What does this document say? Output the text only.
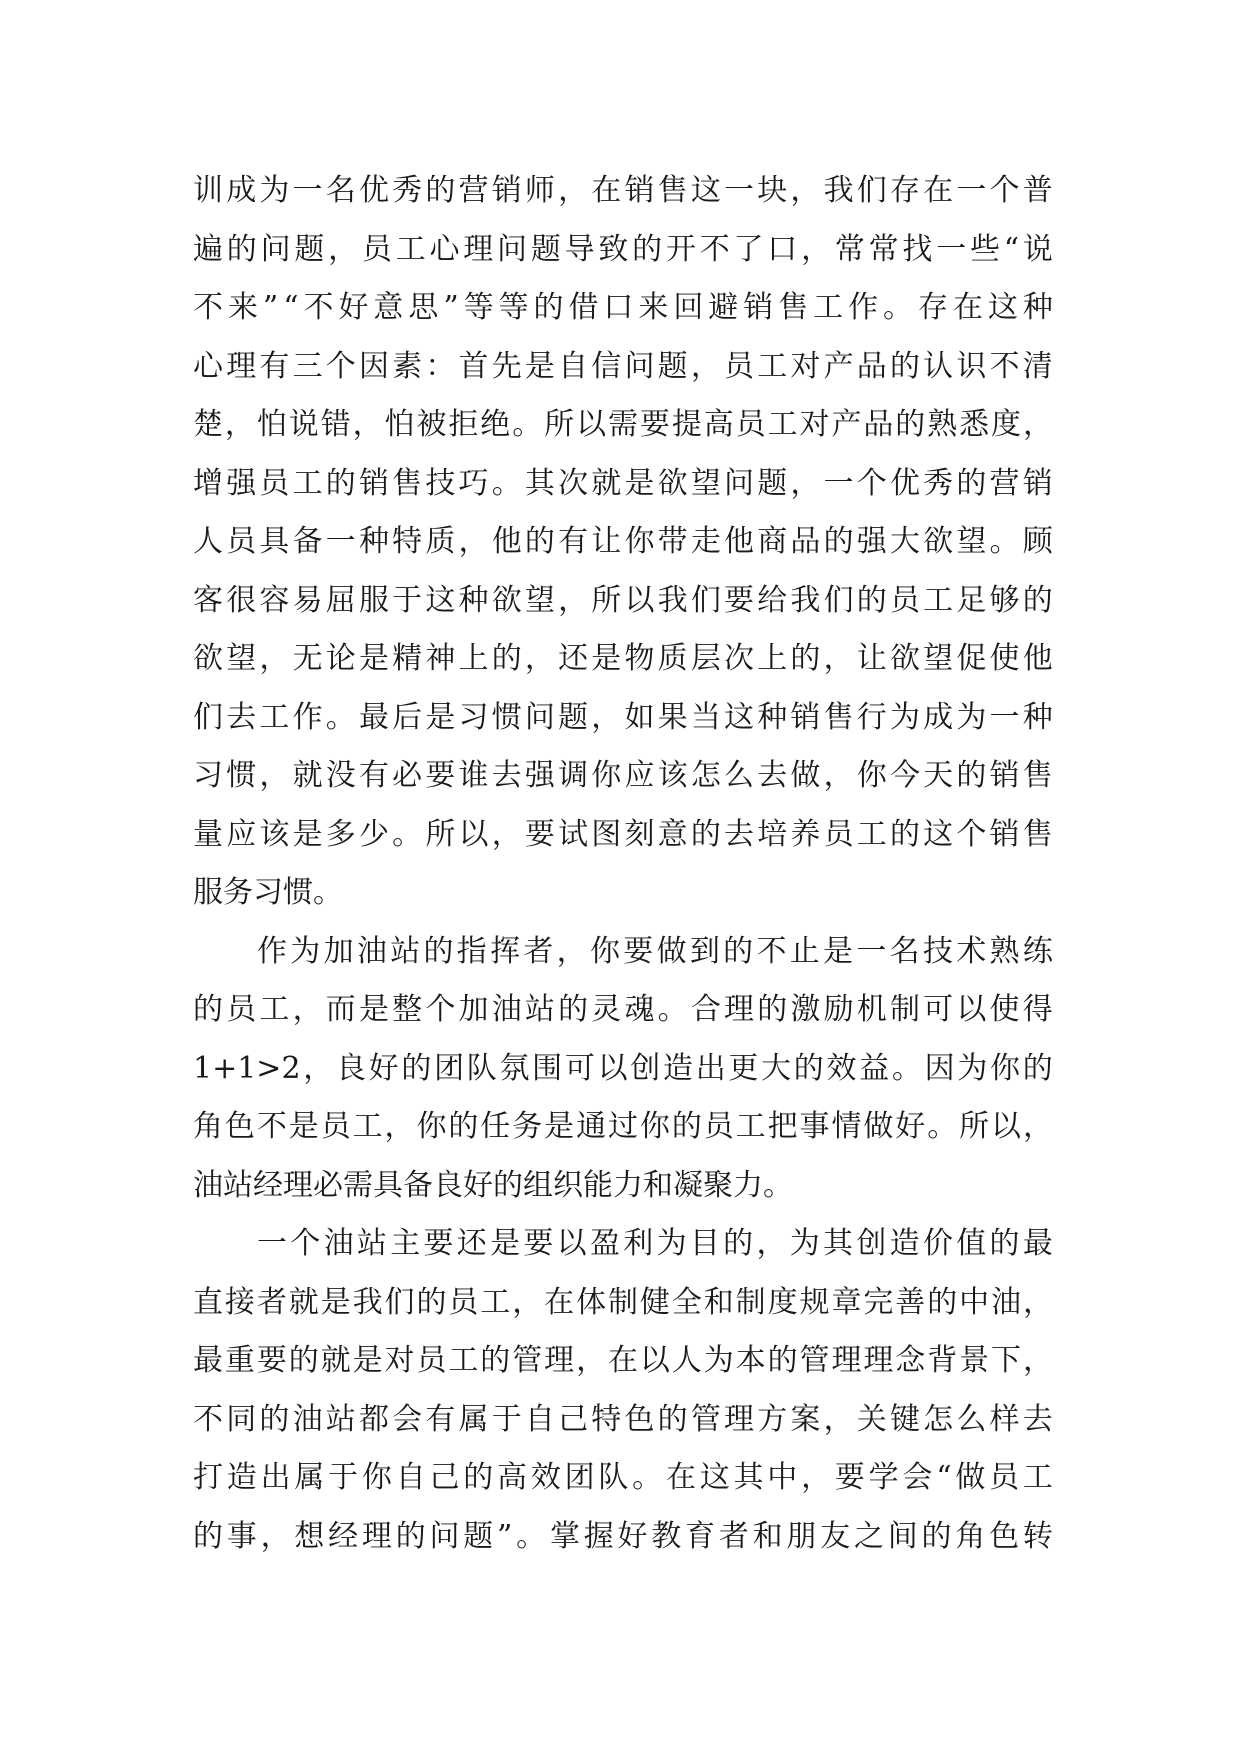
训 成 为 一 名 优 秀 的 营 销 师 ， 在 销 售 这 一 块 ， 我 们 存 在 一 个 普
遍 的 问 题 ， 员 工 心 理 问 题 导 致 的 开 不 了 口 ， 常 常 找 一 些 “ 说
不 来 ” “ 不 好 意 思 ” 等 等 的 借 口 来 回 避 销 售 工 作 。 存 在 这 种
心 理 有 三 个 因 素 ： 首 先 是 自 信 问 题 ， 员 工 对 产 品 的 认 识 不 清
楚 ， 怕 说 错 ， 怕 被 拒 绝 。 所 以 需 要 提 高 员 工 对 产 品 的 熟 悉 度 ，
增 强 员 工 的 销 售 技 巧 。 其 次 就 是 欲 望 问 题 ， 一 个 优 秀 的 营 销
人 员 具 备 一 种 特 质 ， 他 的 有 让 你 带 走 他 商 品 的 强 大 欲 望 。 顾
客 很 容 易 屈 服 于 这 种 欲 望 ， 所 以 我 们 要 给 我 们 的 员 工 足 够 的
欲 望 ， 无 论 是 精 神 上 的 ， 还 是 物 质 层 次 上 的 ， 让 欲 望 促 使 他
们 去 工 作 。 最 后 是 习 惯 问 题 ， 如 果 当 这 种 销 售 行 为 成 为 一 种
习 惯 ， 就 没 有 必 要 谁 去 强 调 你 应 该 怎 么 去 做 ， 你 今 天 的 销 售
量 应 该 是 多 少 。 所 以 ， 要 试 图 刻 意 的 去 培 养 员 工 的 这 个 销 售
服务习惯。
作 为 加 油 站 的 指 挥 者 ， 你 要 做 到 的 不 止 是 一 名 技 术 熟 练
的 员 工 ， 而 是 整 个 加 油 站 的 灵 魂 。 合 理 的 激 励 机 制 可 以 使 得
1+1>2 ， 良 好 的 团 队 氛 围 可 以 创 造 出 更 大 的 效 益 。 因 为 你 的
角 色 不 是 员 工 ， 你 的 任 务 是 通 过 你 的 员 工 把 事 情 做 好 。 所 以 ，
油站经理必需具备良好的组织能力和凝聚力。
一 个 油 站 主 要 还 是 要 以 盈 利 为 目 的 ， 为 其 创 造 价 值 的 最
直 接 者 就 是 我 们 的 员 工 ， 在 体 制 健 全 和 制 度 规 章 完 善 的 中 油 ，
最 重 要 的 就 是 对 员 工 的 管 理 ， 在 以 人 为 本 的 管 理 理 念 背 景 下 ，
不 同 的 油 站 都 会 有 属 于 自 己 特 色 的 管 理 方 案 ， 关 键 怎 么 样 去
打 造 出 属 于 你 自 己 的 高 效 团 队 。 在 这 其 中 ， 要 学 会 “ 做 员 工
的 事 ， 想 经 理 的 问 题 ” 。 掌 握 好 教 育 者 和 朋 友 之 间 的 角 色 转
